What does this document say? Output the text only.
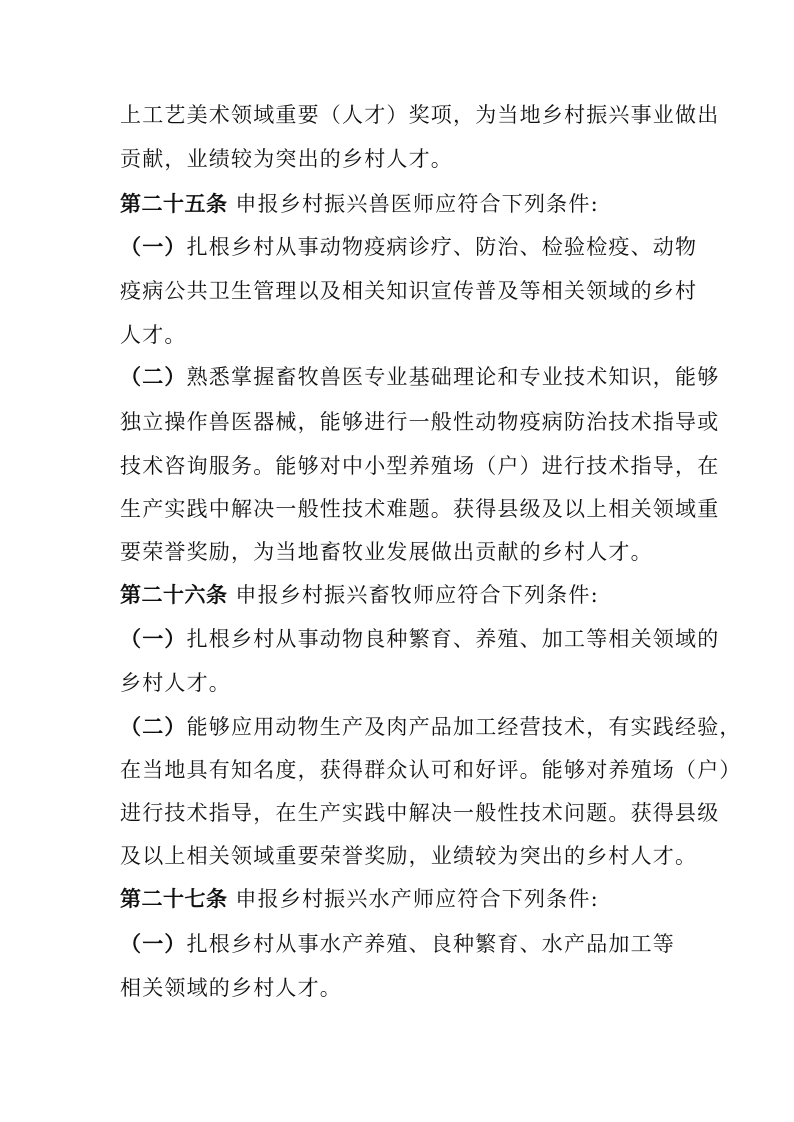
上工艺美术领域重要（人才）奖项，为当地乡村振兴事业做出
贡献，业绩较为突出的乡村人才。
第二十五条 申报乡村振兴兽医师应符合下列条件:
（一）扎根乡村从事动物疫病诊疗、防治、检验检疫、动物
疫病公共卫生管理以及相关知识宣传普及等相关领域的乡村
人才。
（二）熟悉掌握畜牧兽医专业基础理论和专业技术知识，能够
独立操作兽医器械，能够进行一般性动物疫病防治技术指导或
技术咨询服务。能够对中小型养殖场（户）进行技术指导，在
生产实践中解决一般性技术难题。获得县级及以上相关领域重
要荣誉奖励，为当地畜牧业发展做出贡献的乡村人才。
第二十六条 申报乡村振兴畜牧师应符合下列条件:
（一）扎根乡村从事动物良种繁育、养殖、加工等相关领域的
乡村人才。
（二）能够应用动物生产及肉产品加工经营技术，有实践经验，
在当地具有知名度，获得群众认可和好评。能够对养殖场（户）
进行技术指导，在生产实践中解决一般性技术问题。获得县级
及以上相关领域重要荣誉奖励，业绩较为突出的乡村人才。
第二十七条 申报乡村振兴水产师应符合下列条件:
（一）扎根乡村从事水产养殖、良种繁育、水产品加工等
相关领域的乡村人才。
